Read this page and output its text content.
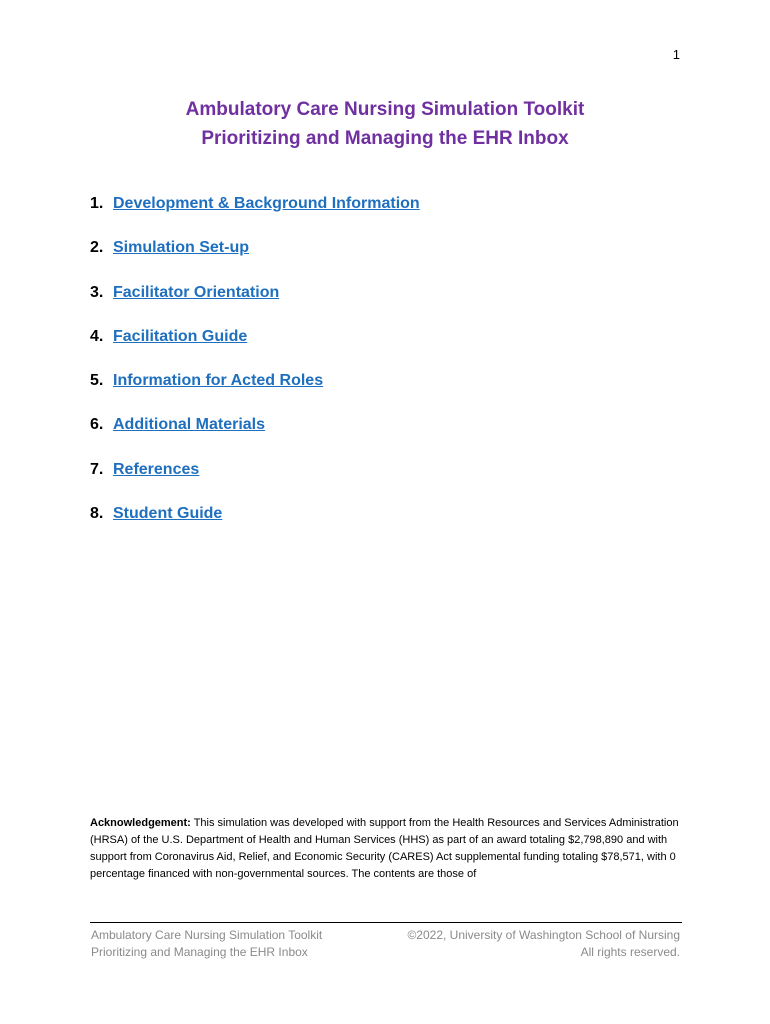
1
Ambulatory Care Nursing Simulation Toolkit
Prioritizing and Managing the EHR Inbox
1. Development & Background Information
2. Simulation Set-up
3. Facilitator Orientation
4. Facilitation Guide
5. Information for Acted Roles
6. Additional Materials
7. References
8. Student Guide
Acknowledgement: This simulation was developed with support from the Health Resources and Services Administration (HRSA) of the U.S. Department of Health and Human Services (HHS) as part of an award totaling $2,798,890 and with support from Coronavirus Aid, Relief, and Economic Security (CARES) Act supplemental funding totaling $78,571, with 0 percentage financed with non-governmental sources. The contents are those of
Ambulatory Care Nursing Simulation Toolkit
Prioritizing and Managing the EHR Inbox
©2022, University of Washington School of Nursing
All rights reserved.
